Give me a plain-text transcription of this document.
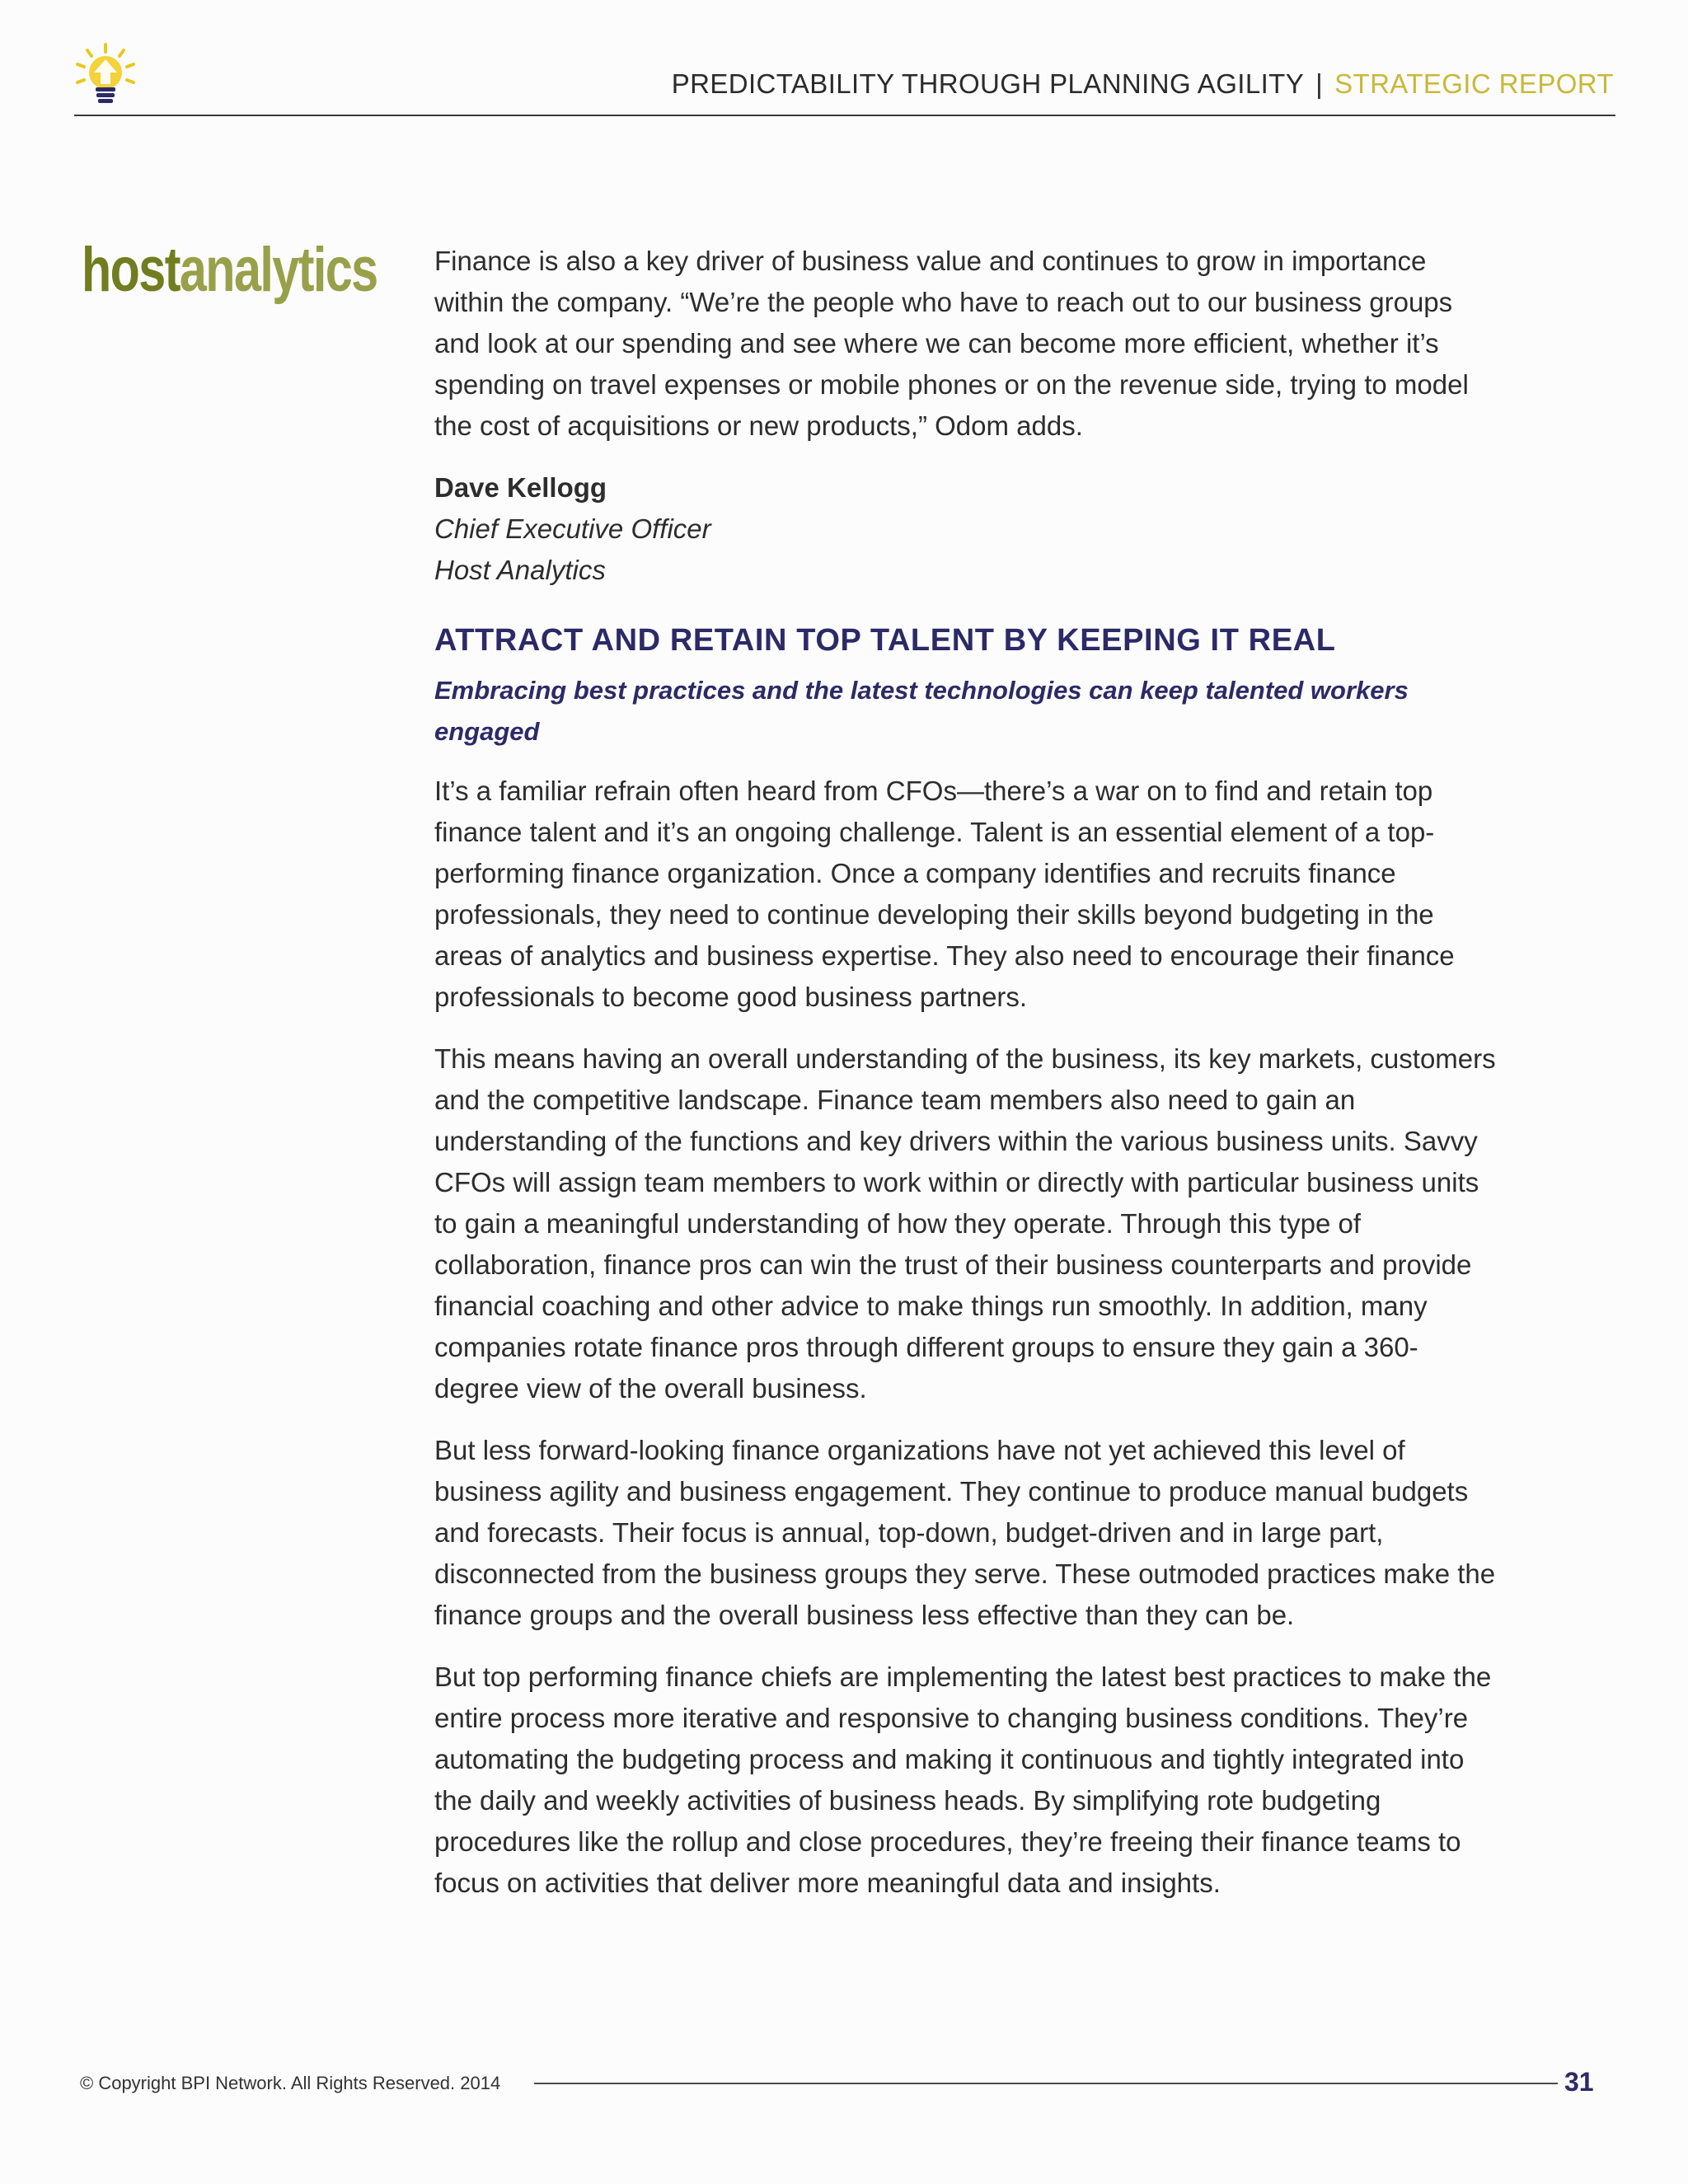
PREDICTABILITY THROUGH PLANNING AGILITY | STRATEGIC REPORT
hostanalytics Finance is also a key driver of business value and continues to grow in importance within the company. “We’re the people who have to reach out to our business groups and look at our spending and see where we can become more efficient, whether it’s spending on travel expenses or mobile phones or on the revenue side, trying to model the cost of acquisitions or new products,” Odom adds.

Dave Kellogg
Chief Executive Officer
Host Analytics
ATTRACT AND RETAIN TOP TALENT BY KEEPING IT REAL
Embracing best practices and the latest technologies can keep talented workers engaged

It’s a familiar refrain often heard from CFOs—there’s a war on to find and retain top finance talent and it’s an ongoing challenge. Talent is an essential element of a top-performing finance organization. Once a company identifies and recruits finance professionals, they need to continue developing their skills beyond budgeting in the areas of analytics and business expertise. They also need to encourage their finance professionals to become good business partners.

This means having an overall understanding of the business, its key markets, customers and the competitive landscape. Finance team members also need to gain an understanding of the functions and key drivers within the various business units. Savvy CFOs will assign team members to work within or directly with particular business units to gain a meaningful understanding of how they operate. Through this type of collaboration, finance pros can win the trust of their business counterparts and provide financial coaching and other advice to make things run smoothly. In addition, many companies rotate finance pros through different groups to ensure they gain a 360-degree view of the overall business.

But less forward-looking finance organizations have not yet achieved this level of business agility and business engagement. They continue to produce manual budgets and forecasts. Their focus is annual, top-down, budget-driven and in large part, disconnected from the business groups they serve. These outmoded practices make the finance groups and the overall business less effective than they can be.

But top performing finance chiefs are implementing the latest best practices to make the entire process more iterative and responsive to changing business conditions. They’re automating the budgeting process and making it continuous and tightly integrated into the daily and weekly activities of business heads. By simplifying rote budgeting procedures like the rollup and close procedures, they’re freeing their finance teams to focus on activities that deliver more meaningful data and insights.

© Copyright BPI Network. All Rights Reserved. 2014	31
